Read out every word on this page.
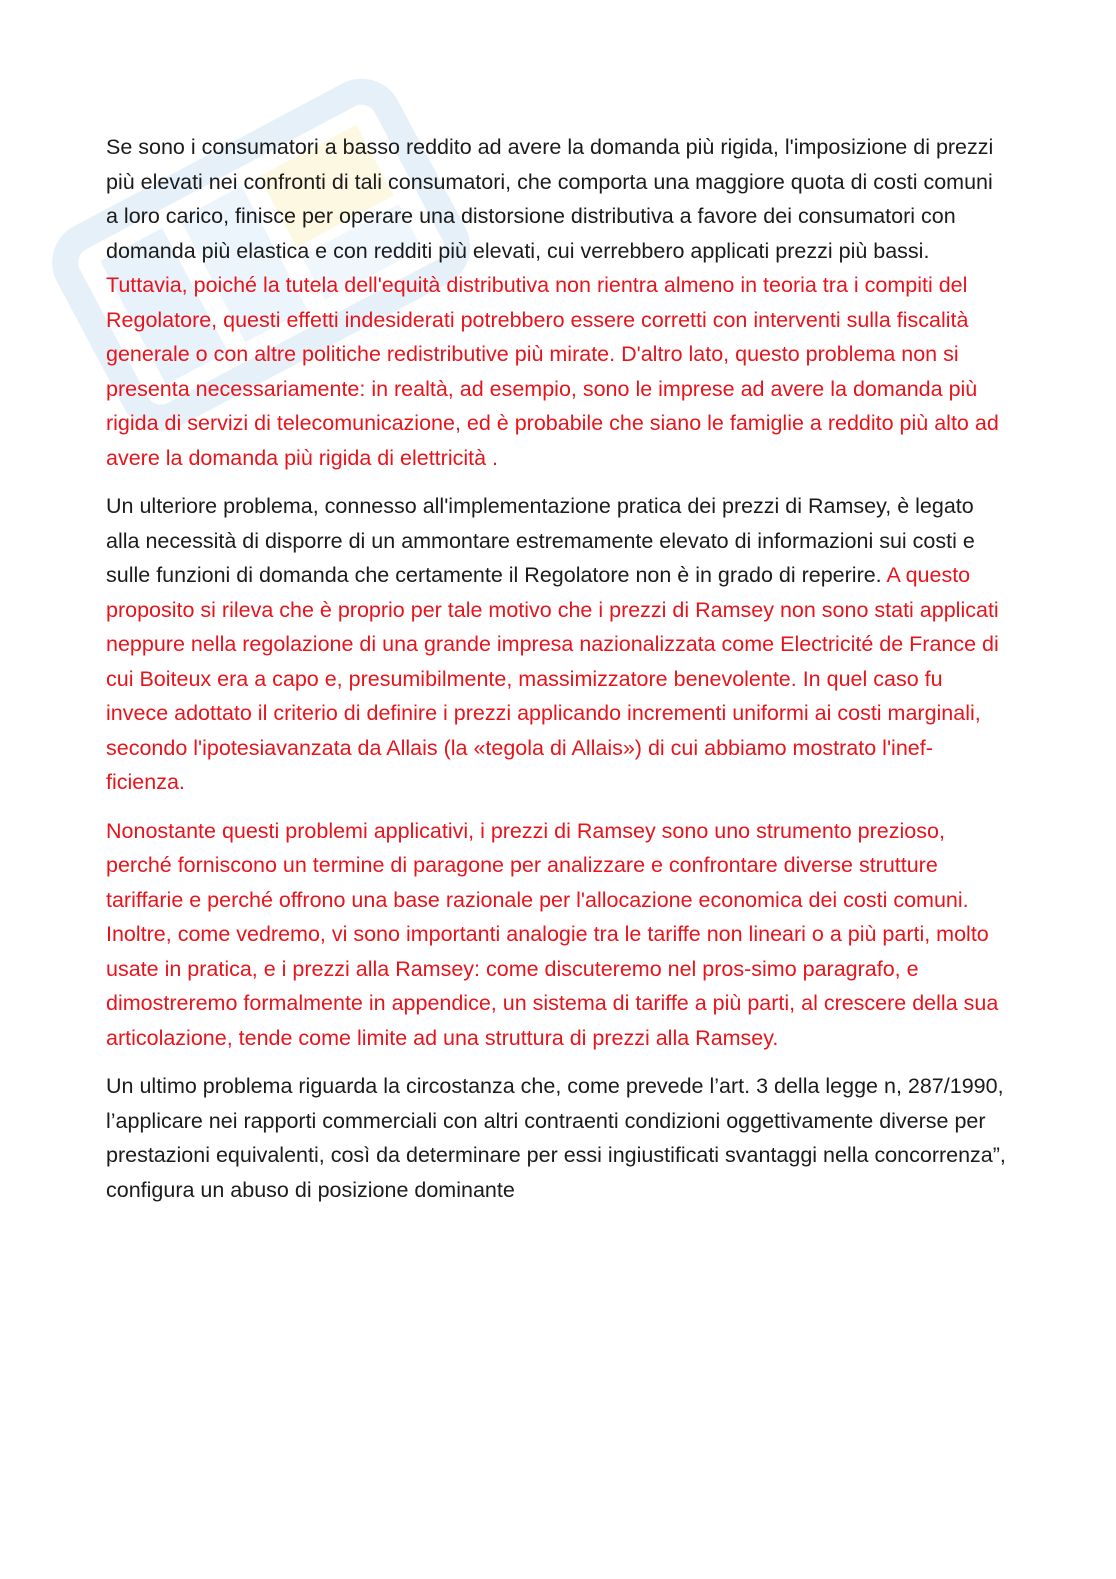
Se sono i consumatori a basso reddito ad avere la domanda più rigida, l'imposizione di prezzi più elevati nei confronti di tali consumatori, che comporta una maggiore quota di costi comuni a loro carico, finisce per operare una distorsione distributiva a favore dei consumatori con domanda più elastica e con redditi più elevati, cui verrebbero applicati prezzi più bassi. Tuttavia, poiché la tutela dell'equità distributiva non rientra almeno in teoria tra i compiti del Regolatore, questi effetti indesiderati potrebbero essere corretti con interventi sulla fiscalità generale o con altre politiche redistributive più mirate. D'altro lato, questo problema non si presenta necessariamente: in realtà, ad esempio, sono le imprese ad avere la domanda più rigida di servizi di telecomunicazione, ed è probabile che siano le famiglie a reddito più alto ad avere la domanda più rigida di elettricità .

Un ulteriore problema, connesso all'implementazione pratica dei prezzi di Ramsey, è legato alla necessità di disporre di un ammontare estremamente elevato di informazioni sui costi e sulle funzioni di domanda che certamente il Regolatore non è in grado di reperire. A questo proposito si rileva che è proprio per tale motivo che i prezzi di Ramsey non sono stati applicati neppure nella regolazione di una grande impresa nazionalizzata come Electricité de France di cui Boiteux era a capo e, presumibilmente, massimizzatore benevolente. In quel caso fu invece adottato il criterio di definire i prezzi applicando incrementi uniformi ai costi marginali, secondo l'ipotesiavanzata da Allais (la «tegola di Allais») di cui abbiamo mostrato l'inef-ficienza.

Nonostante questi problemi applicativi, i prezzi di Ramsey sono uno strumento prezioso, perché forniscono un termine di paragone per analizzare e confrontare diverse strutture tariffarie e perché offrono una base razionale per l'allocazione economica dei costi comuni. Inoltre, come vedremo, vi sono importanti analogie tra le tariffe non lineari o a più parti, molto usate in pratica, e i prezzi alla Ramsey: come discuteremo nel pros-simo paragrafo, e dimostreremo formalmente in appendice, un sistema di tariffe a più parti, al crescere della sua articolazione, tende come limite ad una struttura di prezzi alla Ramsey.

Un ultimo problema riguarda la circostanza che, come prevede l’art. 3 della legge n, 287/1990, l’applicare nei rapporti commerciali con altri contraenti condizioni oggettivamente diverse per prestazioni equivalenti, così da determinare per essi ingiustificati svantaggi nella concorrenza”, configura un abuso di posizione dominante
